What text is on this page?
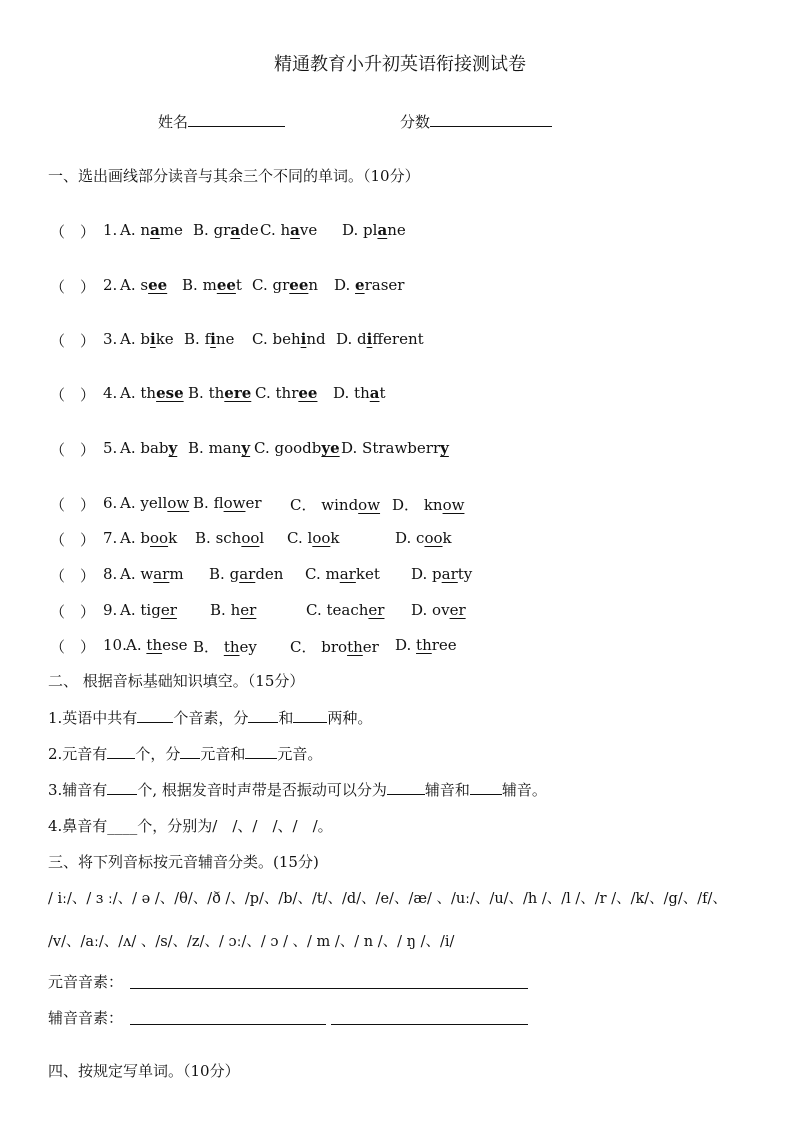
精通教育小升初英语衔接测试卷
姓名	分数
一、选出画线部分读音与其余三个不同的单词。（10分）
（　） 1. A. name B. grade C. have D. plane
（　） 2. A. see B. meet C. green D. eraser
（　） 3. A. bike B. fine C. behind D. different
（　） 4. A. these B. there C. three D. that
（　） 5. A. baby B. many C. goodbye D. Strawberry
（　） 6. A. yellow B. flower C． window D． know
（　） 7. A. book B. school C. look	D. cook
（　） 8. A. warm B. garden C. market D. party
（　） 9. A. tiger B. her	C. teacher D. over
（　） 10. A. these B． they C． brother D. three
二、 根据音标基础知识填空。（15分）
1.英语中共有 个音素，分 和 两种。
2.元音有 个，分 元音和 元音。
3.辅音有 个, 根据发音时声带是否振动可以分为	辅音和 辅音。
4.鼻音有____个，分别为/　/、/　/、/　/。
三、将下列音标按元音辅音分类。(15分)
/ iː/、/ ɜ ː/、/ ə /、/θ/、/ð /、/p/、/b/、/t/、/d/、/e/、/æ/ 、/uː/、/u/、/h /、/l /、/r /、/k/、/g/、/f/、
/v/、/aː/、/ʌ/ 、/s/、/z/、/ ɔː/、/ ɔ / 、/ m /、/ n /、/ ŋ /、/i/
元音音素：
辅音音素：
四、按规定写单词。（10分）
